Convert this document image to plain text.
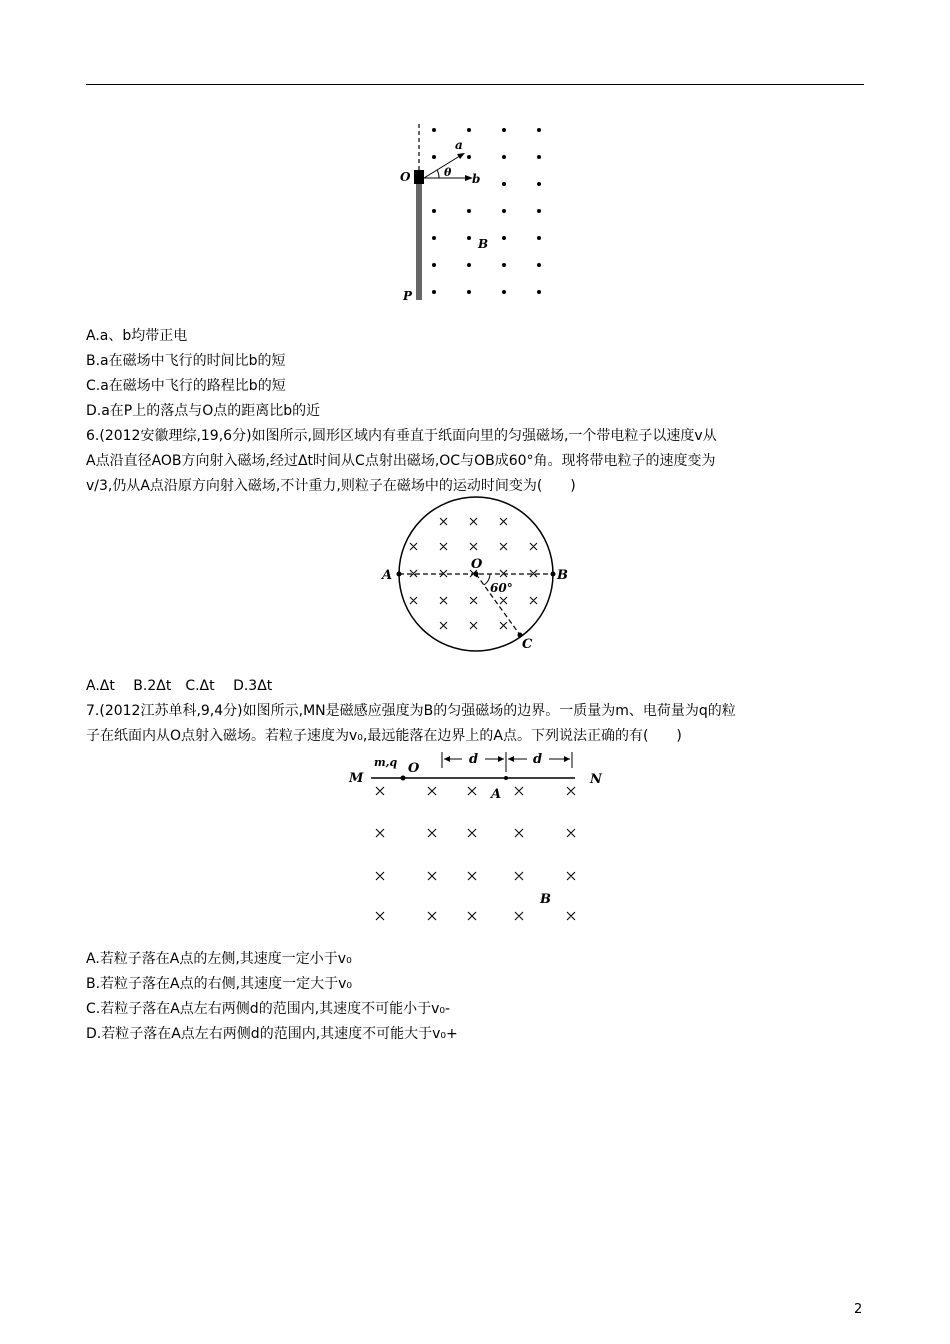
O
a
θ b
B
P
A.a、b均带正电
B.a在磁场中飞行的时间比b的短
C.a在磁场中飞行的路程比b的短
D.a在P上的落点与O点的距离比b的近
6.(2012安徽理综,19,6分)如图所示,圆形区域内有垂直于纸面向里的匀强磁场,一个带电粒子以速度v从
A点沿直径AOB方向射入磁场,经过Δt时间从C点射出磁场,OC与OB成60°角。现将带电粒子的速度变为
v/3,仍从A点沿原方向射入磁场,不计重力,则粒子在磁场中的运动时间变为(　　)
A
O
60°
B
C
A.Δt　 B.2Δt　C.Δt　 D.3Δt
7.(2012江苏单科,9,4分)如图所示,MN是磁感应强度为B的匀强磁场的边界。一质量为m、电荷量为q的粒
子在纸面内从O点射入磁场。若粒子速度为v₀,最远能落在边界上的A点。下列说法正确的有(　　)
M
m,q O
d	d
N
A
B
A.若粒子落在A点的左侧,其速度一定小于v₀
B.若粒子落在A点的右侧,其速度一定大于v₀
C.若粒子落在A点左右两侧d的范围内,其速度不可能小于v₀-
D.若粒子落在A点左右两侧d的范围内,其速度不可能大于v₀+
2
